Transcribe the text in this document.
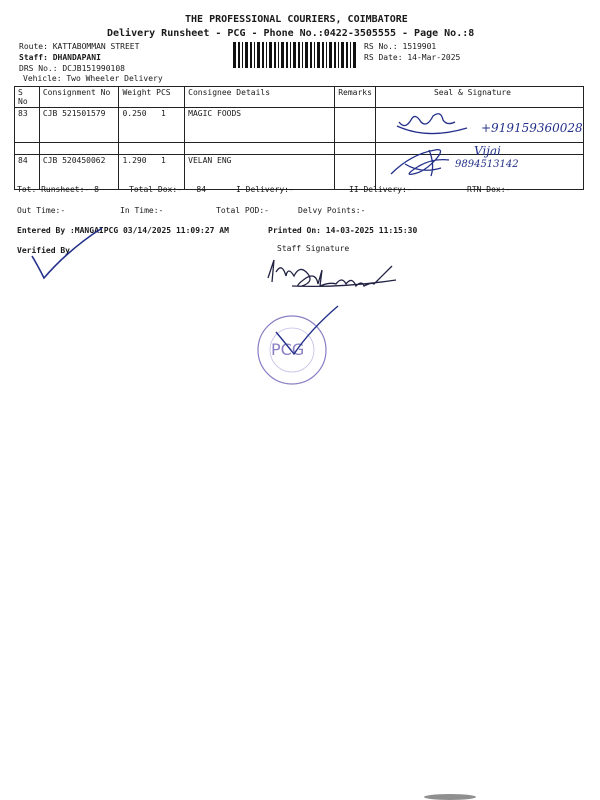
THE PROFESSIONAL COURIERS, COIMBATORE
Delivery Runsheet - PCG - Phone No.:0422-3505555 - Page No.:8
Route: KATTABOMMAN STREET
Staff: DHANDAPANI
DRS No.: DCJB151990108
Vehicle: Two Wheeler Delivery
RS No.: 1519901
RS Date: 14-Mar-2025
S No	Consignment No	Weight PCS	Consignee Details	Remarks	Seal & Signature
83	CJB 521501579	0.250   1	MAGIC FOODS		

84	CJB 520450062	1.290   1	VELAN ENG		
Tot. Runsheet:- 8	Total Dox:-   84	I Delivery:-	II Delivery:-	RTN Dox:-
Out Time:-	In Time:-	Total POD:-	Delvy Points:-
Entered By :MANGAIPCG 03/14/2025 11:09:27 AM	Printed On: 14-03-2025 11:15:30
Verified By	Staff Signature
+919159360028
Vijai
9894513142
PCG
